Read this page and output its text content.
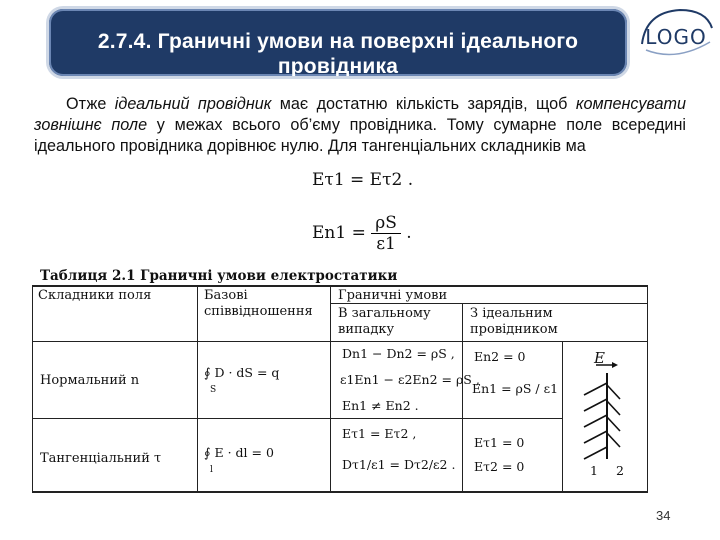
2.7.4. Граничні умови на поверхні ідеального
провідника
LOGO
Отже ідеальний провідник має достатню кількість зарядів, щоб компенсувати зовнішнє поле у межах всього об’єму провідника. Тому сумарне поле всередині ідеального провідника дорівнює нулю. Для тангенціальних складників ма
Eτ1 = Eτ2 .
$En1 = \frac{\rho S}{\varepsilon 1}$ .
Таблиця 2.1 Граничні умови електростатики
Складники поля	Базові співвідношення
Граничні умови
В загальному випадку
З ідеальним провідником
Нормальний n
∮ D · dS = q
S
Dn1 − Dn2 = ρS ,
ε1En1 − ε2En2 = ρS ,
En1 ≠ En2 .
En2 = 0
En1 = ρS / ε1
Тангенціальний τ	∮ E · dl = 0
l
Eτ1 = Eτ2 ,
Dτ1/ε1 = Dτ2/ε2 .
Eτ1 = 0
Eτ2 = 0
E
1 2
34
